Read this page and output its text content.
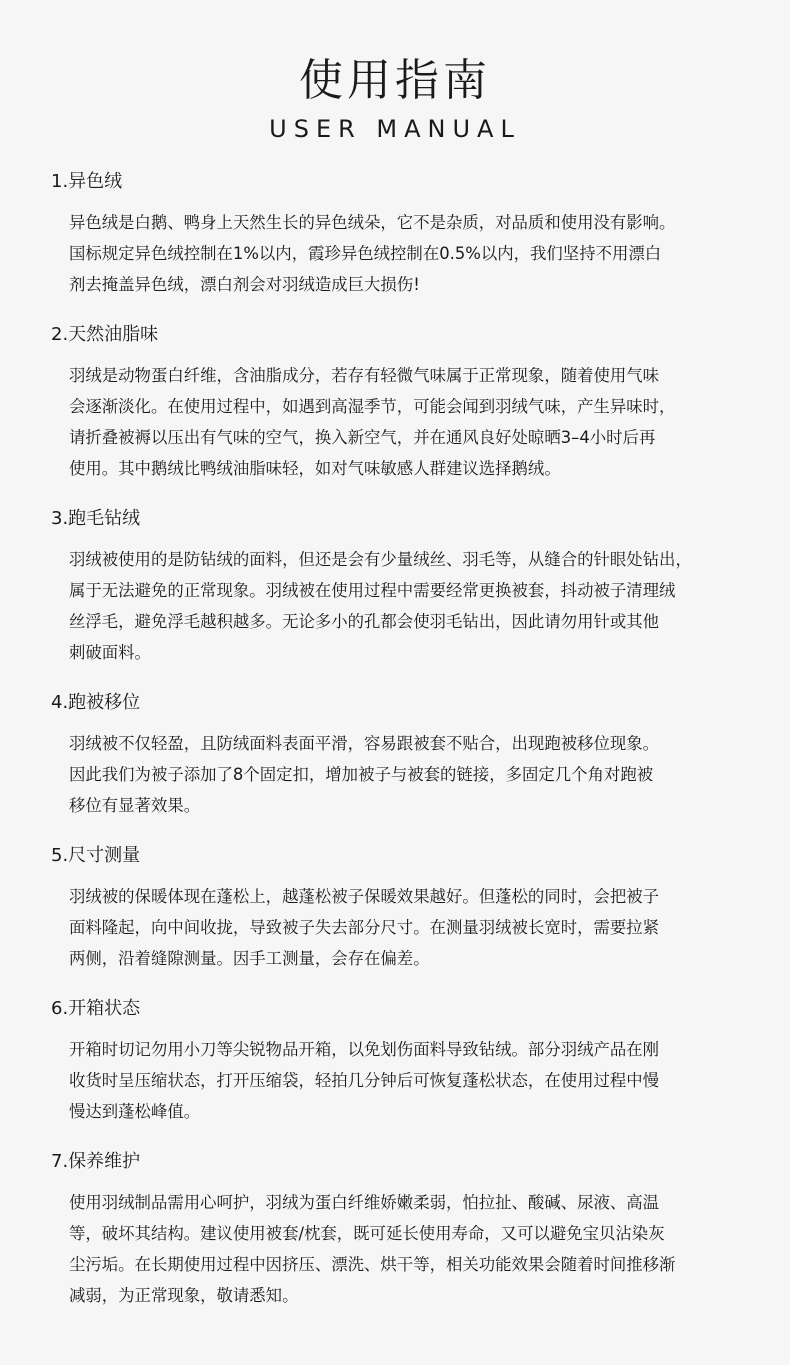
使用指南
USER MANUAL
1.异色绒

异色绒是白鹅、鸭身上天然生长的异色绒朵，它不是杂质，对品质和使用没有影响。
国标规定异色绒控制在1%以内，霞珍异色绒控制在0.5%以内，我们坚持不用漂白
剂去掩盖异色绒，漂白剂会对羽绒造成巨大损伤!

2.天然油脂味

羽绒是动物蛋白纤维，含油脂成分，若存有轻微气味属于正常现象，随着使用气味
会逐渐淡化。在使用过程中，如遇到高湿季节，可能会闻到羽绒气味，产生异味时，
请折叠被褥以压出有气味的空气，换入新空气，并在通风良好处晾晒3–4小时后再
使用。其中鹅绒比鸭绒油脂味轻，如对气味敏感人群建议选择鹅绒。

3.跑毛钻绒

羽绒被使用的是防钻绒的面料，但还是会有少量绒丝、羽毛等，从缝合的针眼处钻出，
属于无法避免的正常现象。羽绒被在使用过程中需要经常更换被套，抖动被子清理绒
丝浮毛，避免浮毛越积越多。无论多小的孔都会使羽毛钻出，因此请勿用针或其他
刺破面料。

4.跑被移位

羽绒被不仅轻盈，且防绒面料表面平滑，容易跟被套不贴合，出现跑被移位现象。
因此我们为被子添加了8个固定扣，增加被子与被套的链接，多固定几个角对跑被
移位有显著效果。

5.尺寸测量

羽绒被的保暖体现在蓬松上，越蓬松被子保暖效果越好。但蓬松的同时，会把被子
面料隆起，向中间收拢，导致被子失去部分尺寸。在测量羽绒被长宽时，需要拉紧
两侧，沿着缝隙测量。因手工测量，会存在偏差。

6.开箱状态

开箱时切记勿用小刀等尖锐物品开箱，以免划伤面料导致钻绒。部分羽绒产品在刚
收货时呈压缩状态，打开压缩袋，轻拍几分钟后可恢复蓬松状态，在使用过程中慢
慢达到蓬松峰值。

7.保养维护

使用羽绒制品需用心呵护，羽绒为蛋白纤维娇嫩柔弱，怕拉扯、酸碱、尿液、高温
等，破坏其结构。建议使用被套/枕套，既可延长使用寿命，又可以避免宝贝沾染灰
尘污垢。在长期使用过程中因挤压、漂洗、烘干等，相关功能效果会随着时间推移渐
减弱，为正常现象，敬请悉知。
